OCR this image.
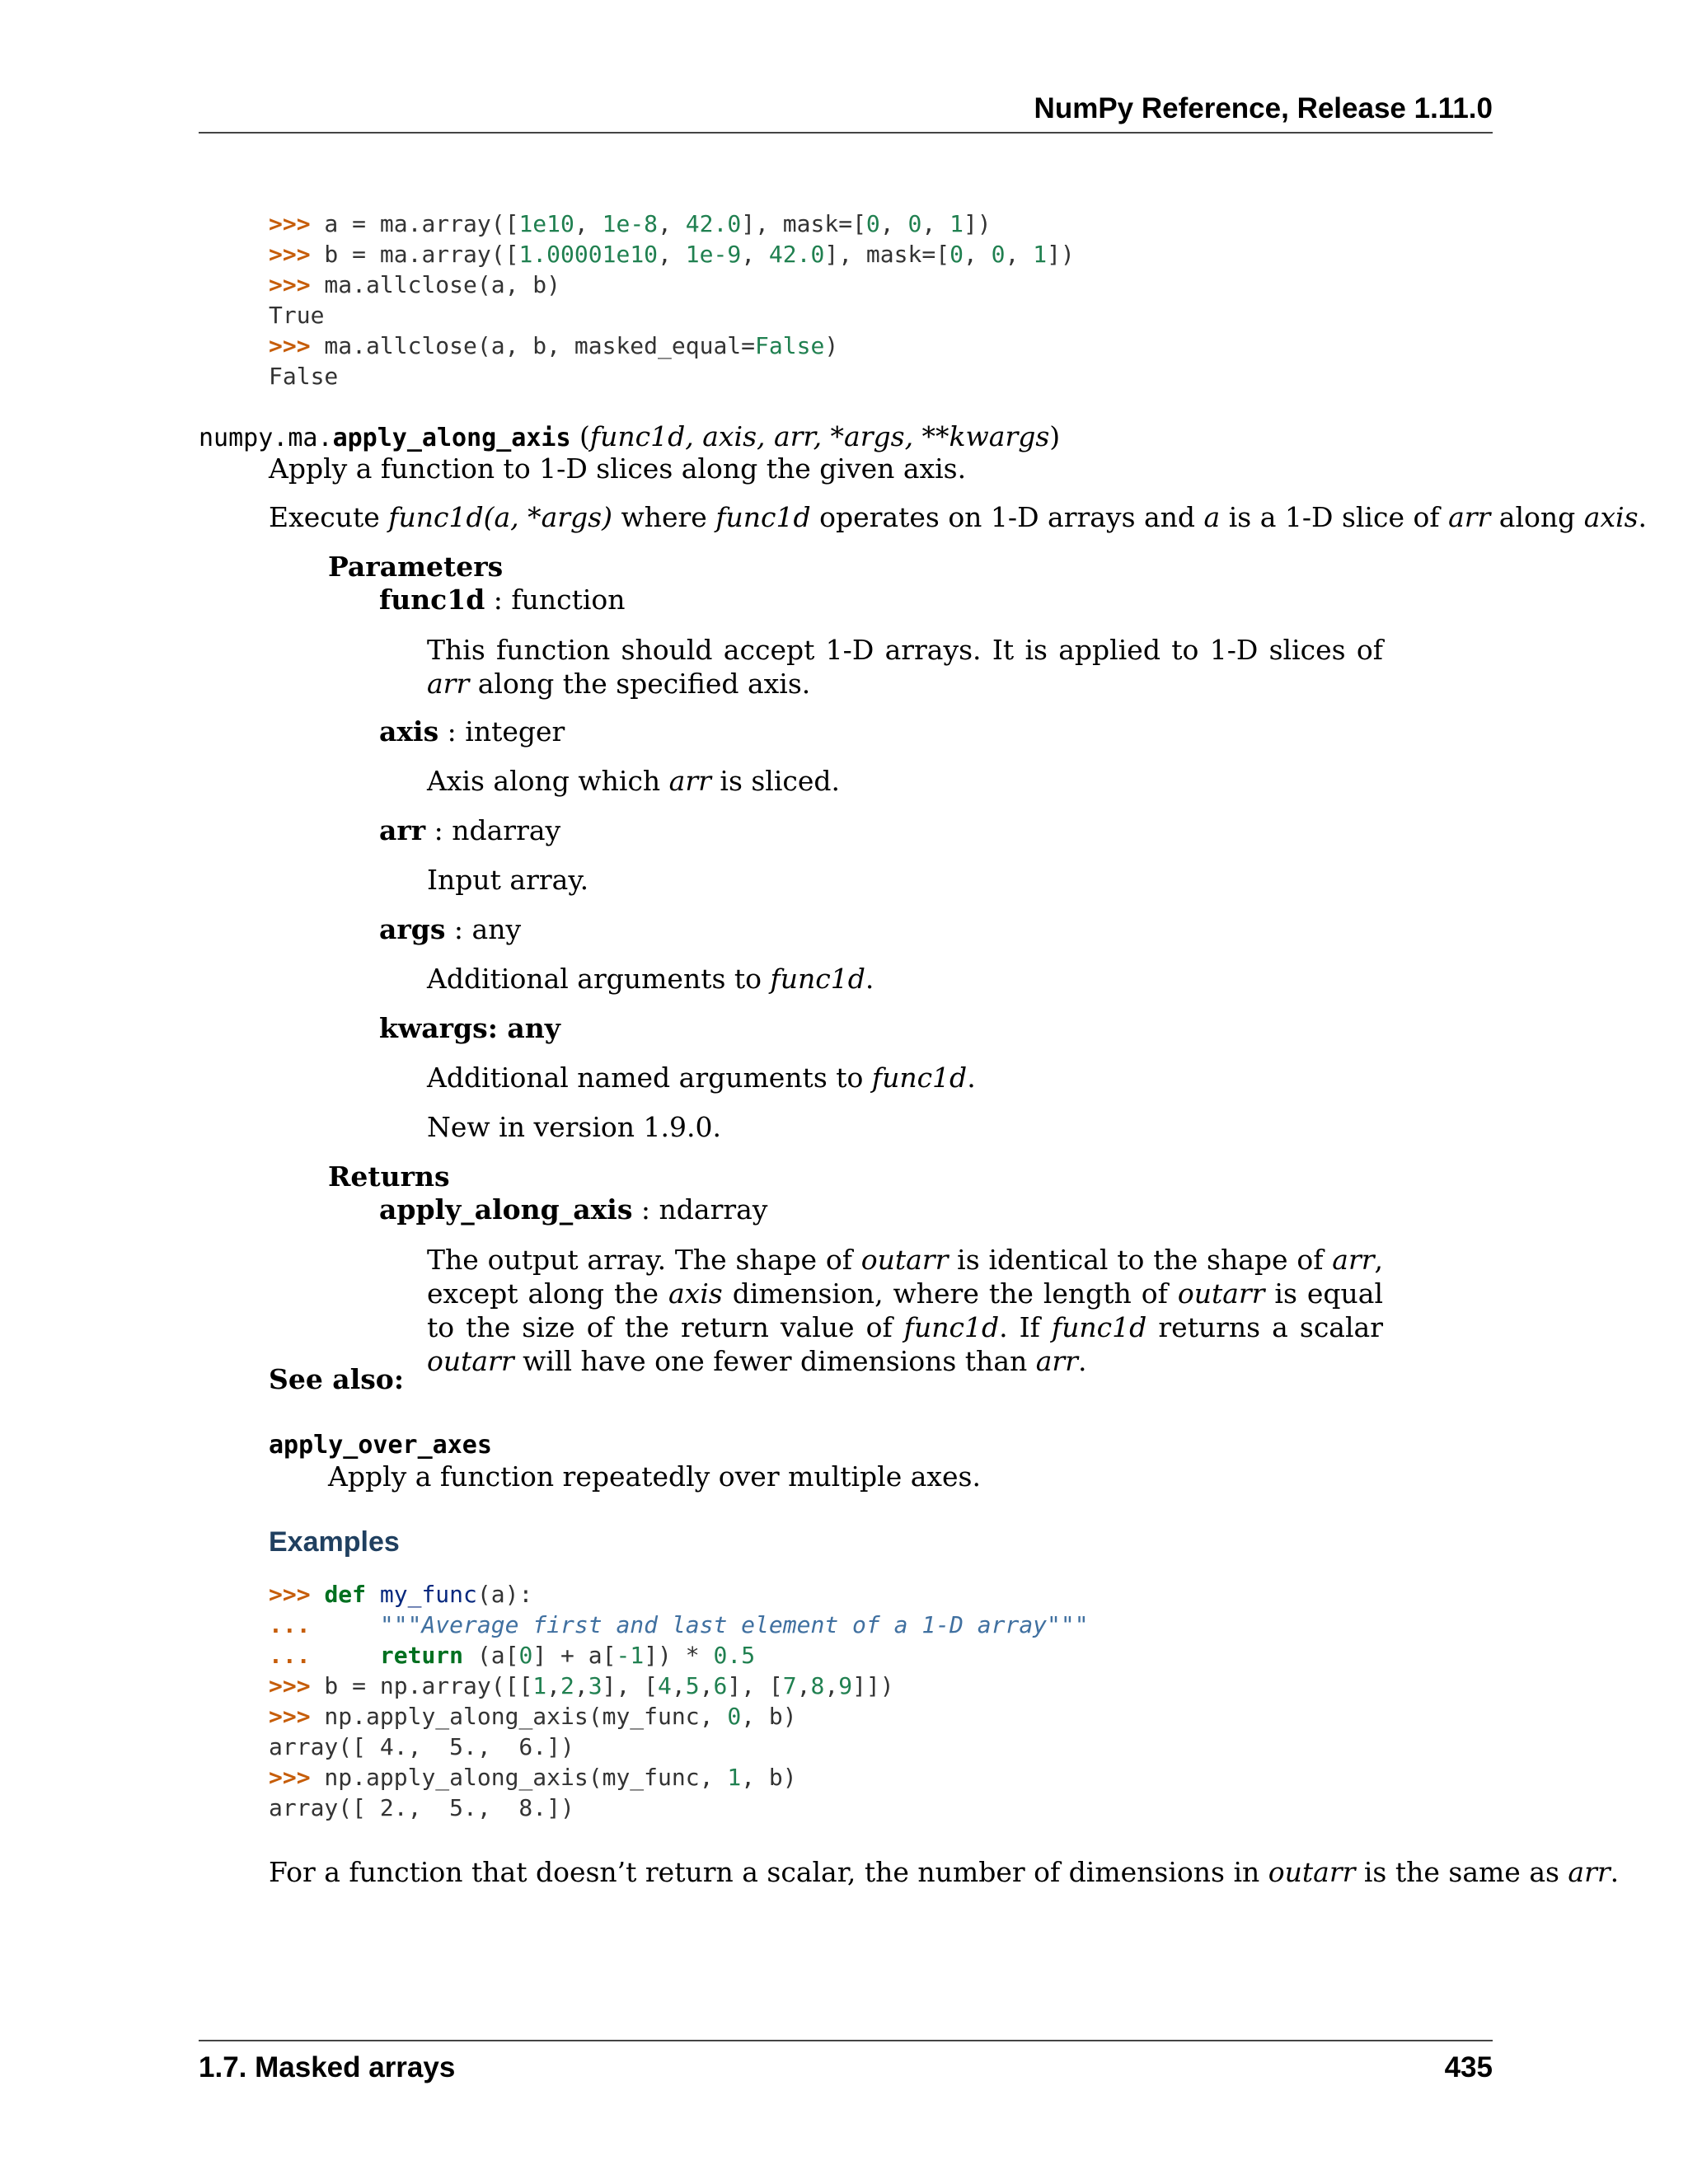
NumPy Reference, Release 1.11.0
>>> a = ma.array([1e10, 1e-8, 42.0], mask=[0, 0, 1])
>>> b = ma.array([1.00001e10, 1e-9, 42.0], mask=[0, 0, 1])
>>> ma.allclose(a, b)
True
>>> ma.allclose(a, b, masked_equal=False)
False
numpy.ma.apply_along_axis (func1d, axis, arr, *args, **kwargs)
Apply a function to 1-D slices along the given axis.
Execute func1d(a, *args) where func1d operates on 1-D arrays and a is a 1-D slice of arr along axis.
Parameters
func1d : function
This function should accept 1-D arrays. It is applied to 1-D slices of arr along the specified axis.
axis : integer
Axis along which arr is sliced.
arr : ndarray
Input array.
args : any
Additional arguments to func1d.
kwargs: any
Additional named arguments to func1d.
New in version 1.9.0.
Returns
apply_along_axis : ndarray
The output array. The shape of outarr is identical to the shape of arr, except along the axis dimension, where the length of outarr is equal to the size of the return value of func1d. If func1d returns a scalar outarr will have one fewer dimensions than arr.
See also:
apply_over_axes
Apply a function repeatedly over multiple axes.
Examples
>>> def my_func(a):
...	"""Average first and last element of a 1-D array"""
...	return (a[0] + a[-1]) * 0.5
>>> b = np.array([[1,2,3], [4,5,6], [7,8,9]])
>>> np.apply_along_axis(my_func, 0, b)
array([ 4.,  5.,  6.])
>>> np.apply_along_axis(my_func, 1, b)
array([ 2.,  5.,  8.])
For a function that doesn’t return a scalar, the number of dimensions in outarr is the same as arr.
1.7. Masked arrays	435
